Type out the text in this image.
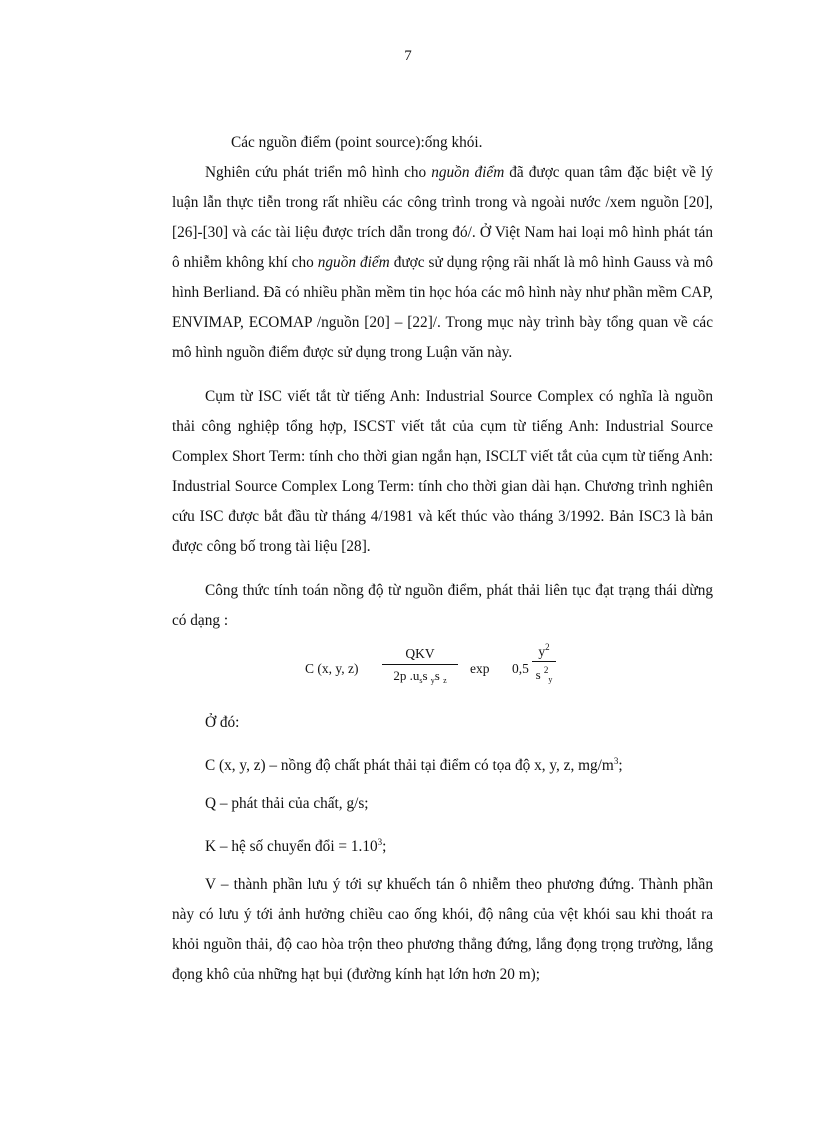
7

Các nguồn điểm (point source):ống khói.

Nghiên cứu phát triển mô hình cho nguồn điểm đã được quan tâm đặc biệt về lý luận lẫn thực tiễn trong rất nhiều các công trình trong và ngoài nước /xem nguồn [20], [26]-[30] và các tài liệu được trích dẫn trong đó/. Ở Việt Nam hai loại mô hình phát tán ô nhiễm không khí cho nguồn điểm được sử dụng rộng rãi nhất là mô hình Gauss và mô hình Berliand. Đã có nhiều phần mềm tin học hóa các mô hình này như phần mềm CAP, ENVIMAP, ECOMAP /nguồn [20] – [22]/. Trong mục này trình bày tổng quan về các mô hình nguồn điểm được sử dụng trong Luận văn này.

Cụm từ ISC viết tắt từ tiếng Anh: Industrial Source Complex có nghĩa là nguồn thải công nghiệp tổng hợp, ISCST viết tắt của cụm từ tiếng Anh: Industrial Source Complex Short Term: tính cho thời gian ngắn hạn, ISCLT viết tắt của cụm từ tiếng Anh: Industrial Source Complex Long Term: tính cho thời gian dài hạn. Chương trình nghiên cứu ISC được bắt đầu từ tháng 4/1981 và kết thúc vào tháng 3/1992. Bản ISC3 là bản được công bố trong tài liệu [28].

Công thức tính toán nồng độ từ nguồn điểm, phát thải liên tục đạt trạng thái dừng có dạng :

C (x, y, z)
QKV
2p $.u_ss$ $_y$s $_z$
$\exp 0,5 \frac{y^2}{s ^2_y}$

Ở đó:

C (x, y, z) – nồng độ chất phát thải tại điểm có tọa độ x, y, z, $mg/m^3$;

Q – phát thải của chất, g/s;

K – hệ số chuyển đổi = $1.10^3$;

V – thành phần lưu ý tới sự khuếch tán ô nhiễm theo phương đứng. Thành phần này có lưu ý tới ảnh hưởng chiều cao ống khói, độ nâng của vệt khói sau khi thoát ra khỏi nguồn thải, độ cao hòa trộn theo phương thẳng đứng, lắng đọng trọng trường, lắng đọng khô của những hạt bụi (đường kính hạt lớn hơn 20 m);
